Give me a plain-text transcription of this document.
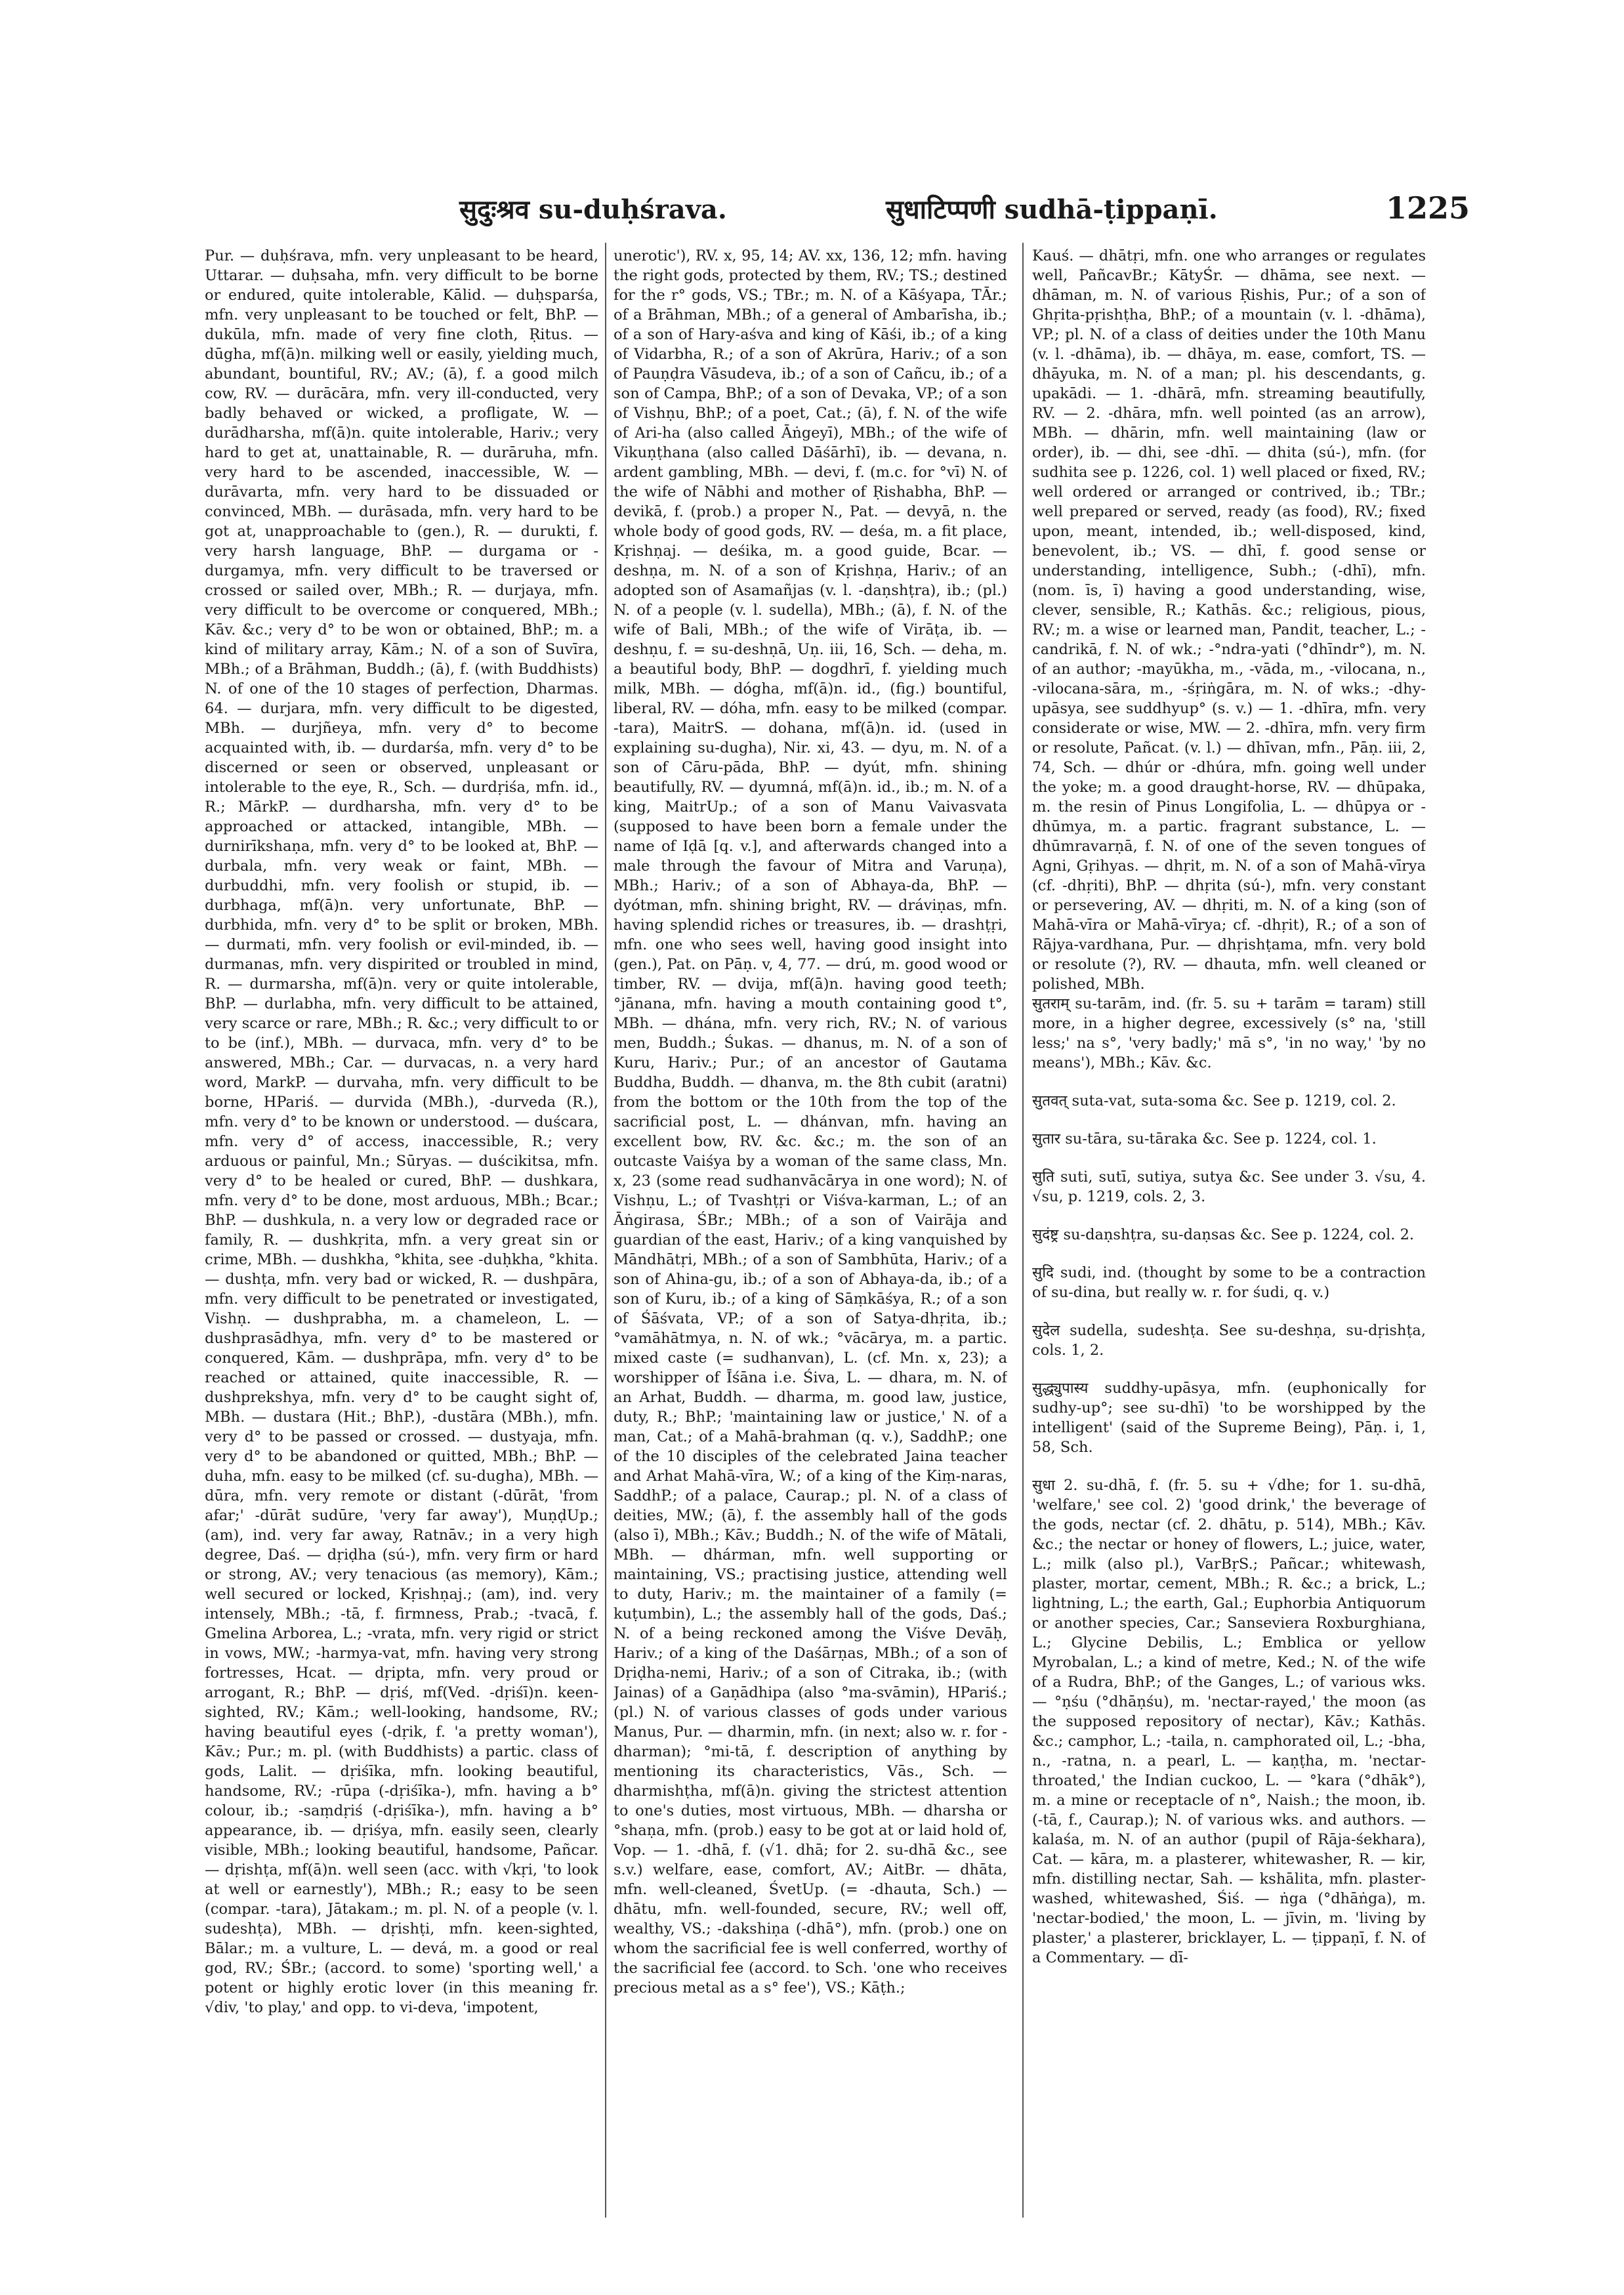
सुदुःश्रव su-duḥśrava.	सुधाटिप्पणी sudhā-ṭippaṇī.	1225

Pur. — duḥśrava, mfn. very unpleasant to be heard, Uttarar. — duḥsaha, mfn. very difficult to be borne or endured, quite intolerable, Kālid. — duḥsparśa, mfn. very unpleasant to be touched or felt, BhP. — dukūla, mfn. made of very fine cloth, Ṛitus. — dūgha, mf(ā)n. milking well or easily, yielding much, abundant, bountiful, RV.; AV.; (ā), f. a good milch cow, RV. — durācāra, mfn. very ill-conducted, very badly behaved or wicked, a profligate, W. — durādharsha, mf(ā)n. quite intolerable, Hariv.; very hard to get at, unattainable, R. — durāruha, mfn. very hard to be ascended, inaccessible, W. — durāvarta, mfn. very hard to be dissuaded or convinced, MBh. — durāsada, mfn. very hard to be got at, unapproachable to (gen.), R. — durukti, f. very harsh language, BhP. — durgama or -durgamya, mfn. very difficult to be traversed or crossed or sailed over, MBh.; R. — durjaya, mfn. very difficult to be overcome or conquered, MBh.; Kāv. &c.; very d° to be won or obtained, BhP.; m. a kind of military array, Kām.; N. of a son of Suvīra, MBh.; of a Brāhman, Buddh.; (ā), f. (with Buddhists) N. of one of the 10 stages of perfection, Dharmas. 64. — durjara, mfn. very difficult to be digested, MBh. — durjñeya, mfn. very d° to become acquainted with, ib. — durdarśa, mfn. very d° to be discerned or seen or observed, unpleasant or intolerable to the eye, R., Sch. — durdṛiśa, mfn. id., R.; MārkP. — durdharsha, mfn. very d° to be approached or attacked, intangible, MBh. — durnirīkshaṇa, mfn. very d° to be looked at, BhP. — durbala, mfn. very weak or faint, MBh. — durbuddhi, mfn. very foolish or stupid, ib. — durbhaga, mf(ā)n. very unfortunate, BhP. — durbhida, mfn. very d° to be split or broken, MBh. — durmati, mfn. very foolish or evil-minded, ib. — durmanas, mfn. very dispirited or troubled in mind, R. — durmarsha, mf(ā)n. very or quite intolerable, BhP. — durlabha, mfn. very difficult to be attained, very scarce or rare, MBh.; R. &c.; very difficult to or to be (inf.), MBh. — durvaca, mfn. very d° to be answered, MBh.; Car. — durvacas, n. a very hard word, MarkP. — durvaha, mfn. very difficult to be borne, HPariś. — durvida (MBh.), -durveda (R.), mfn. very d° to be known or understood. — duścara, mfn. very d° of access, inaccessible, R.; very arduous or painful, Mn.; Sūryas. — duścikitsa, mfn. very d° to be healed or cured, BhP. — dushkara, mfn. very d° to be done, most arduous, MBh.; Bcar.; BhP. — dushkula, n. a very low or degraded race or family, R. — dushkṛita, mfn. a very great sin or crime, MBh. — dushkha, °khita, see -duḥkha, °khita. — dushṭa, mfn. very bad or wicked, R. — dushpāra, mfn. very difficult to be penetrated or investigated, Vishṇ. — dushprabha, m. a chameleon, L. — dushprasādhya, mfn. very d° to be mastered or conquered, Kām. — dushprāpa, mfn. very d° to be reached or attained, quite inaccessible, R. — dushprekshya, mfn. very d° to be caught sight of, MBh. — dustara (Hit.; BhP.), -dustāra (MBh.), mfn. very d° to be passed or crossed. — dustyaja, mfn. very d° to be abandoned or quitted, MBh.; BhP. — duha, mfn. easy to be milked (cf. su-dugha), MBh. — dūra, mfn. very remote or distant (-dūrāt, 'from afar;' -dūrāt sudūre, 'very far away'), MuṇḍUp.; (am), ind. very far away, Ratnāv.; in a very high degree, Daś. — dṛiḍha (sú-), mfn. very firm or hard or strong, AV.; very tenacious (as memory), Kām.; well secured or locked, Kṛishṇaj.; (am), ind. very intensely, MBh.; -tā, f. firmness, Prab.; -tvacā, f. Gmelina Arborea, L.; -vrata, mfn. very rigid or strict in vows, MW.; -harmya-vat, mfn. having very strong fortresses, Hcat. — dṛipta, mfn. very proud or arrogant, R.; BhP. — dṛiś, mf(Ved. -dṛiśī)n. keen-sighted, RV.; Kām.; well-looking, handsome, RV.; having beautiful eyes (-dṛik, f. 'a pretty woman'), Kāv.; Pur.; m. pl. (with Buddhists) a partic. class of gods, Lalit. — dṛiśīka, mfn. looking beautiful, handsome, RV.; -rūpa (-dṛiśīka-), mfn. having a b° colour, ib.; -saṃdṛiś (-dṛiśīka-), mfn. having a b° appearance, ib. — dṛiśya, mfn. easily seen, clearly visible, MBh.; looking beautiful, handsome, Pañcar. — dṛishṭa, mf(ā)n. well seen (acc. with √kṛi, 'to look at well or earnestly'), MBh.; R.; easy to be seen (compar. -tara), Jātakam.; m. pl. N. of a people (v. l. sudeshṭa), MBh. — dṛishṭi, mfn. keen-sighted, Bālar.; m. a vulture, L. — devá, m. a good or real god, RV.; ŚBr.; (accord. to some) 'sporting well,' a potent or highly erotic lover (in this meaning fr. √div, 'to play,' and opp. to vi-deva, 'impotent,

unerotic'), RV. x, 95, 14; AV. xx, 136, 12; mfn. having the right gods, protected by them, RV.; TS.; destined for the r° gods, VS.; TBr.; m. N. of a Kāśyapa, TĀr.; of a Brāhman, MBh.; of a general of Ambarīsha, ib.; of a son of Hary-aśva and king of Kāśi, ib.; of a king of Vidarbha, R.; of a son of Akrūra, Hariv.; of a son of Pauṇḍra Vāsudeva, ib.; of a son of Cañcu, ib.; of a son of Campa, BhP.; of a son of Devaka, VP.; of a son of Vishṇu, BhP.; of a poet, Cat.; (ā), f. N. of the wife of Ari-ha (also called Āṅgeyī), MBh.; of the wife of Vikuṇṭhana (also called Dāśārhī), ib. — devana, n. ardent gambling, MBh. — devi, f. (m.c. for °vī) N. of the wife of Nābhi and mother of Ṛishabha, BhP. — devikā, f. (prob.) a proper N., Pat. — devyā, n. the whole body of good gods, RV. — deśa, m. a fit place, Kṛishṇaj. — deśika, m. a good guide, Bcar. — deshṇa, m. N. of a son of Kṛishṇa, Hariv.; of an adopted son of Asamañjas (v. l. -daṇshṭra), ib.; (pl.) N. of a people (v. l. sudella), MBh.; (ā), f. N. of the wife of Bali, MBh.; of the wife of Virāṭa, ib. — deshṇu, f. = su-deshṇā, Uṇ. iii, 16, Sch. — deha, m. a beautiful body, BhP. — dogdhrī, f. yielding much milk, MBh. — dógha, mf(ā)n. id., (fig.) bountiful, liberal, RV. — dóha, mfn. easy to be milked (compar. -tara), MaitrS. — dohana, mf(ā)n. id. (used in explaining su-dugha), Nir. xi, 43. — dyu, m. N. of a son of Cāru-pāda, BhP. — dyút, mfn. shining beautifully, RV. — dyumná, mf(ā)n. id., ib.; m. N. of a king, MaitrUp.; of a son of Manu Vaivasvata (supposed to have been born a female under the name of Iḍā [q. v.], and afterwards changed into a male through the favour of Mitra and Varuṇa), MBh.; Hariv.; of a son of Abhaya-da, BhP. — dyótman, mfn. shining bright, RV. — dráviṇas, mfn. having splendid riches or treasures, ib. — drashṭṛi, mfn. one who sees well, having good insight into (gen.), Pat. on Pāṇ. v, 4, 77. — drú, m. good wood or timber, RV. — dvija, mf(ā)n. having good teeth; °jānana, mfn. having a mouth containing good t°, MBh. — dhána, mfn. very rich, RV.; N. of various men, Buddh.; Śukas. — dhanus, m. N. of a son of Kuru, Hariv.; Pur.; of an ancestor of Gautama Buddha, Buddh. — dhanva, m. the 8th cubit (aratni) from the bottom or the 10th from the top of the sacrificial post, L. — dhánvan, mfn. having an excellent bow, RV. &c. &c.; m. the son of an outcaste Vaiśya by a woman of the same class, Mn. x, 23 (some read sudhanvācārya in one word); N. of Vishṇu, L.; of Tvashṭṛi or Viśva-karman, L.; of an Āṅgirasa, ŚBr.; MBh.; of a son of Vairāja and guardian of the east, Hariv.; of a king vanquished by Māndhātṛi, MBh.; of a son of Sambhūta, Hariv.; of a son of Ahina-gu, ib.; of a son of Abhaya-da, ib.; of a son of Kuru, ib.; of a king of Sāṃkāśya, R.; of a son of Śāśvata, VP.; of a son of Satya-dhṛita, ib.; °vamāhātmya, n. N. of wk.; °vācārya, m. a partic. mixed caste (= sudhanvan), L. (cf. Mn. x, 23); a worshipper of Īśāna i.e. Śiva, L. — dhara, m. N. of an Arhat, Buddh. — dharma, m. good law, justice, duty, R.; BhP.; 'maintaining law or justice,' N. of a man, Cat.; of a Mahā-brahman (q. v.), SaddhP.; one of the 10 disciples of the celebrated Jaina teacher and Arhat Mahā-vīra, W.; of a king of the Kiṃ-naras, SaddhP.; of a palace, Caurap.; pl. N. of a class of deities, MW.; (ā), f. the assembly hall of the gods (also ī), MBh.; Kāv.; Buddh.; N. of the wife of Mātali, MBh. — dhárman, mfn. well supporting or maintaining, VS.; practising justice, attending well to duty, Hariv.; m. the maintainer of a family (= kuṭumbin), L.; the assembly hall of the gods, Daś.; N. of a being reckoned among the Viśve Devāḥ, Hariv.; of a king of the Daśārṇas, MBh.; of a son of Dṛiḍha-nemi, Hariv.; of a son of Citraka, ib.; (with Jainas) of a Gaṇādhipa (also °ma-svāmin), HPariś.; (pl.) N. of various classes of gods under various Manus, Pur. — dharmin, mfn. (in next; also w. r. for -dharman); °mi-tā, f. description of anything by mentioning its characteristics, Vās., Sch. — dharmishṭha, mf(ā)n. giving the strictest attention to one's duties, most virtuous, MBh. — dharsha or °shaṇa, mfn. (prob.) easy to be got at or laid hold of, Vop. — 1. -dhā, f. (√1. dhā; for 2. su-dhā &c., see s.v.) welfare, ease, comfort, AV.; AitBr. — dhāta, mfn. well-cleaned, ŚvetUp. (= -dhauta, Sch.) — dhātu, mfn. well-founded, secure, RV.; well off, wealthy, VS.; -dakshiṇa (-dhā°), mfn. (prob.) one on whom the sacrificial fee is well conferred, worthy of the sacrificial fee (accord. to Sch. 'one who receives precious metal as a s° fee'), VS.; Kāṭh.;

Kauś. — dhātṛi, mfn. one who arranges or regulates well, PañcavBr.; KātyŚr. — dhāma, see next. — dhāman, m. N. of various Ṛishis, Pur.; of a son of Ghṛita-pṛishṭha, BhP.; of a mountain (v. l. -dhāma), VP.; pl. N. of a class of deities under the 10th Manu (v. l. -dhāma), ib. — dhāya, m. ease, comfort, TS. — dhāyuka, m. N. of a man; pl. his descendants, g. upakādi. — 1. -dhārā, mfn. streaming beautifully, RV. — 2. -dhāra, mfn. well pointed (as an arrow), MBh. — dhārin, mfn. well maintaining (law or order), ib. — dhi, see -dhī. — dhita (sú-), mfn. (for sudhita see p. 1226, col. 1) well placed or fixed, RV.; well ordered or arranged or contrived, ib.; TBr.; well prepared or served, ready (as food), RV.; fixed upon, meant, intended, ib.; well-disposed, kind, benevolent, ib.; VS. — dhī, f. good sense or understanding, intelligence, Subh.; (-dhī), mfn. (nom. īs, ī) having a good understanding, wise, clever, sensible, R.; Kathās. &c.; religious, pious, RV.; m. a wise or learned man, Pandit, teacher, L.; -candrikā, f. N. of wk.; -°ndra-yati (°dhīndr°), m. N. of an author; -mayūkha, m., -vāda, m., -vilocana, n., -vilocana-sāra, m., -śṛiṅgāra, m. N. of wks.; -dhy-upāsya, see suddhyup° (s. v.) — 1. -dhīra, mfn. very considerate or wise, MW. — 2. -dhīra, mfn. very firm or resolute, Pañcat. (v. l.) — dhīvan, mfn., Pāṇ. iii, 2, 74, Sch. — dhúr or -dhúra, mfn. going well under the yoke; m. a good draught-horse, RV. — dhūpaka, m. the resin of Pinus Longifolia, L. — dhūpya or -dhūmya, m. a partic. fragrant substance, L. — dhūmravarṇā, f. N. of one of the seven tongues of Agni, Gṛihyas. — dhṛit, m. N. of a son of Mahā-vīrya (cf. -dhṛiti), BhP. — dhṛita (sú-), mfn. very constant or persevering, AV. — dhṛiti, m. N. of a king (son of Mahā-vīra or Mahā-vīrya; cf. -dhṛit), R.; of a son of Rājya-vardhana, Pur. — dhṛishṭama, mfn. very bold or resolute (?), RV. — dhauta, mfn. well cleaned or polished, MBh.

सुतराम् su-tarām, ind. (fr. 5. su + tarām = taram) still more, in a higher degree, excessively (s° na, 'still less;' na s°, 'very badly;' mā s°, 'in no way,' 'by no means'), MBh.; Kāv. &c.

सुतवत् suta-vat, suta-soma &c. See p. 1219, col. 2.

सुतार su-tāra, su-tāraka &c. See p. 1224, col. 1.

सुति suti, sutī, sutiya, sutya &c. See under 3. √su, 4. √su, p. 1219, cols. 2, 3.

सुदंष्ट्र su-daṇshṭra, su-daṇsas &c. See p. 1224, col. 2.

सुदि sudi, ind. (thought by some to be a contraction of su-dina, but really w. r. for śudi, q. v.)

सुदेल sudella, sudeshṭa. See su-deshṇa, su-dṛishṭa, cols. 1, 2.

सुद्ध्युपास्य suddhy-upāsya, mfn. (euphonically for sudhy-up°; see su-dhī) 'to be worshipped by the intelligent' (said of the Supreme Being), Pāṇ. i, 1, 58, Sch.

सुधा 2. su-dhā, f. (fr. 5. su + √dhe; for 1. su-dhā, 'welfare,' see col. 2) 'good drink,' the beverage of the gods, nectar (cf. 2. dhātu, p. 514), MBh.; Kāv. &c.; the nectar or honey of flowers, L.; juice, water, L.; milk (also pl.), VarBṛS.; Pañcar.; whitewash, plaster, mortar, cement, MBh.; R. &c.; a brick, L.; lightning, L.; the earth, Gal.; Euphorbia Antiquorum or another species, Car.; Sanseviera Roxburghiana, L.; Glycine Debilis, L.; Emblica or yellow Myrobalan, L.; a kind of metre, Ked.; N. of the wife of a Rudra, BhP.; of the Ganges, L.; of various wks. — °ṇśu (°dhāṇśu), m. 'nectar-rayed,' the moon (as the supposed repository of nectar), Kāv.; Kathās. &c.; camphor, L.; -taila, n. camphorated oil, L.; -bha, n., -ratna, n. a pearl, L. — kaṇṭha, m. 'nectar-throated,' the Indian cuckoo, L. — °kara (°dhāk°), m. a mine or receptacle of n°, Naish.; the moon, ib. (-tā, f., Caurap.); N. of various wks. and authors. — kalaśa, m. N. of an author (pupil of Rāja-śekhara), Cat. — kāra, m. a plasterer, whitewasher, R. — kir, mfn. distilling nectar, Sah. — kshālita, mfn. plaster-washed, whitewashed, Śiś. — ṅga (°dhāṅga), m. 'nectar-bodied,' the moon, L. — jīvin, m. 'living by plaster,' a plasterer, bricklayer, L. — ṭippaṇī, f. N. of a Commentary. — dī-
